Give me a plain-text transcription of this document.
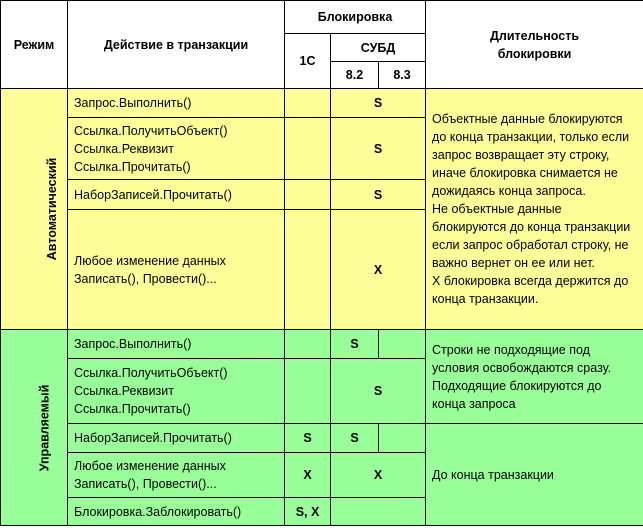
Режим	Действие в транзакции	Блокировка			Длительность
блокировки
		1С	СУБД		
			8.2	8.3	
Автоматический	Запрос.Выполнить()		S		Объектные данные блокируются до конца транзакции, только если запрос возвращает эту строку, иначе блокировка снимается не дожидаясь конца запроса.
Не объектные данные блокируются до конца транзакции если запрос обработал строку, не важно вернет он ее или нет.
X блокировка всегда держится до конца транзакции.
	Ссылка.ПолучитьОбъект()
Ссылка.Реквизит
Ссылка.Прочитать()		S		
	НаборЗаписей.Прочитать()		S		
	Любое изменение данных
Записать(), Провести()...		X		
Управляемый	Запрос.Выполнить()		S		Строки не подходящие под условия освобождаются сразу.
Подходящие блокируются до конца запроса
	Ссылка.ПолучитьОбъект()
Ссылка.Реквизит
Ссылка.Прочитать()		S		
	НаборЗаписей.Прочитать()	S	S		До конца транзакции
	Любое изменение данных
Записать(), Провести()...	X	X		
	Блокировка.Заблокировать()	S, X			
